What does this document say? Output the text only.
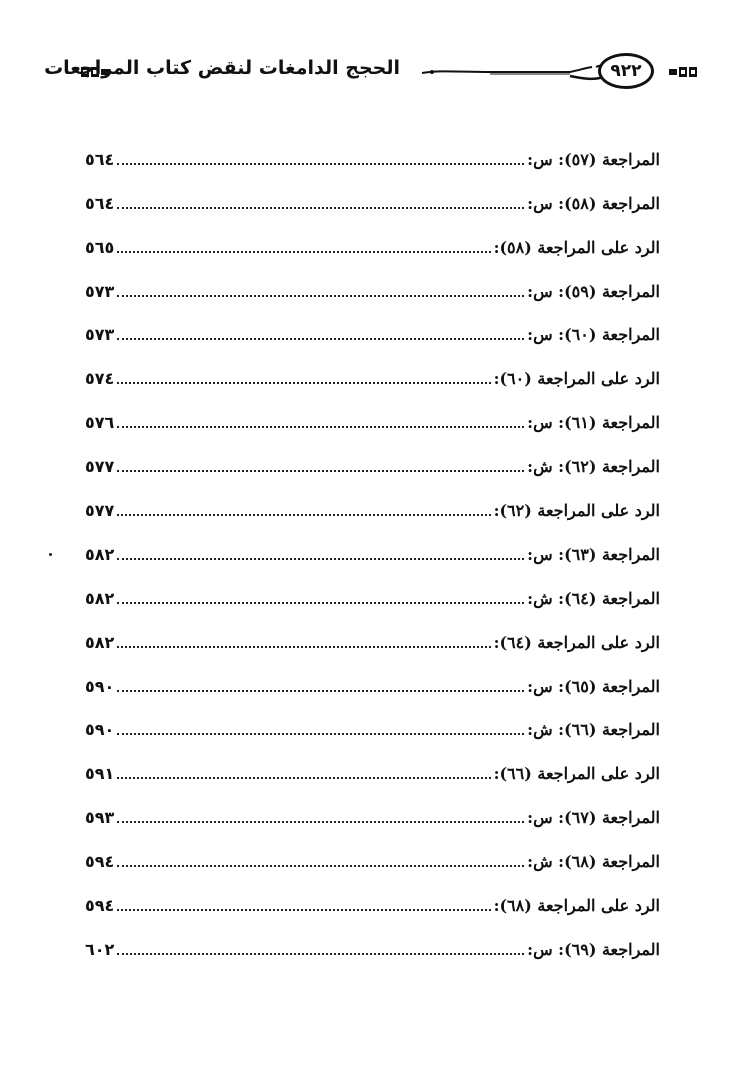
الحجج الدامغات لنقض كتاب المراجعات	٩٢٢
المراجعة (٥٧): س:
٥٦٤
المراجعة (٥٨): س:
٥٦٤
الرد على المراجعة (٥٨):
٥٦٥
المراجعة (٥٩): س:
٥٧٣
المراجعة (٦٠): س:
٥٧٣
الرد على المراجعة (٦٠):
٥٧٤
المراجعة (٦١): س:
٥٧٦
المراجعة (٦٢): ش:
٥٧٧
الرد على المراجعة (٦٢):
٥٧٧
المراجعة (٦٣): س:
٥٨٢
المراجعة (٦٤): ش:
٥٨٢
الرد على المراجعة (٦٤):
٥٨٢
المراجعة (٦٥): س:
٥٩٠
المراجعة (٦٦): ش:
٥٩٠
الرد على المراجعة (٦٦):
٥٩١
المراجعة (٦٧): س:
٥٩٣
المراجعة (٦٨): ش:
٥٩٤
الرد على المراجعة (٦٨):
٥٩٤
المراجعة (٦٩): س:
٦٠٢
